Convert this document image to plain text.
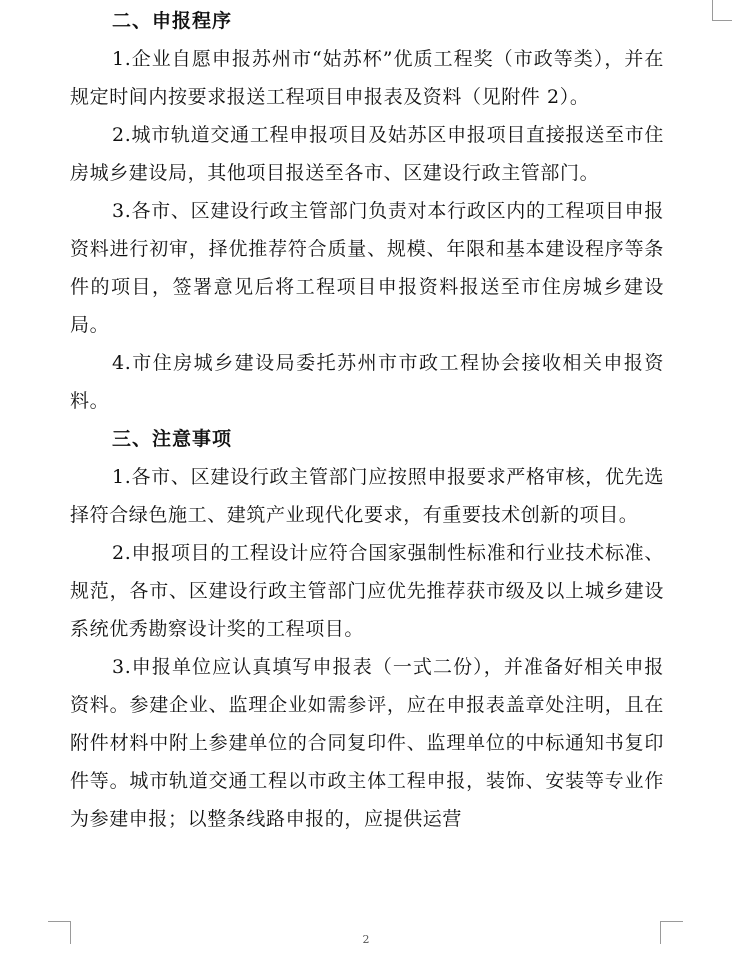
二、申报程序

1.企业自愿申报苏州市“姑苏杯”优质工程奖（市政等类），并在规定时间内按要求报送工程项目申报表及资料（见附件 2）。

2.城市轨道交通工程申报项目及姑苏区申报项目直接报送至市住房城乡建设局，其他项目报送至各市、区建设行政主管部门。

3.各市、区建设行政主管部门负责对本行政区内的工程项目申报资料进行初审，择优推荐符合质量、规模、年限和基本建设程序等条件的项目，签署意见后将工程项目申报资料报送至市住房城乡建设局。

4.市住房城乡建设局委托苏州市市政工程协会接收相关申报资料。

三、注意事项

1.各市、区建设行政主管部门应按照申报要求严格审核，优先选择符合绿色施工、建筑产业现代化要求，有重要技术创新的项目。

2.申报项目的工程设计应符合国家强制性标准和行业技术标准、规范，各市、区建设行政主管部门应优先推荐获市级及以上城乡建设系统优秀勘察设计奖的工程项目。

3.申报单位应认真填写申报表（一式二份），并准备好相关申报资料。参建企业、监理企业如需参评，应在申报表盖章处注明，且在附件材料中附上参建单位的合同复印件、监理单位的中标通知书复印件等。城市轨道交通工程以市政主体工程申报，装饰、安装等专业作为参建申报；以整条线路申报的，应提供运营

2
